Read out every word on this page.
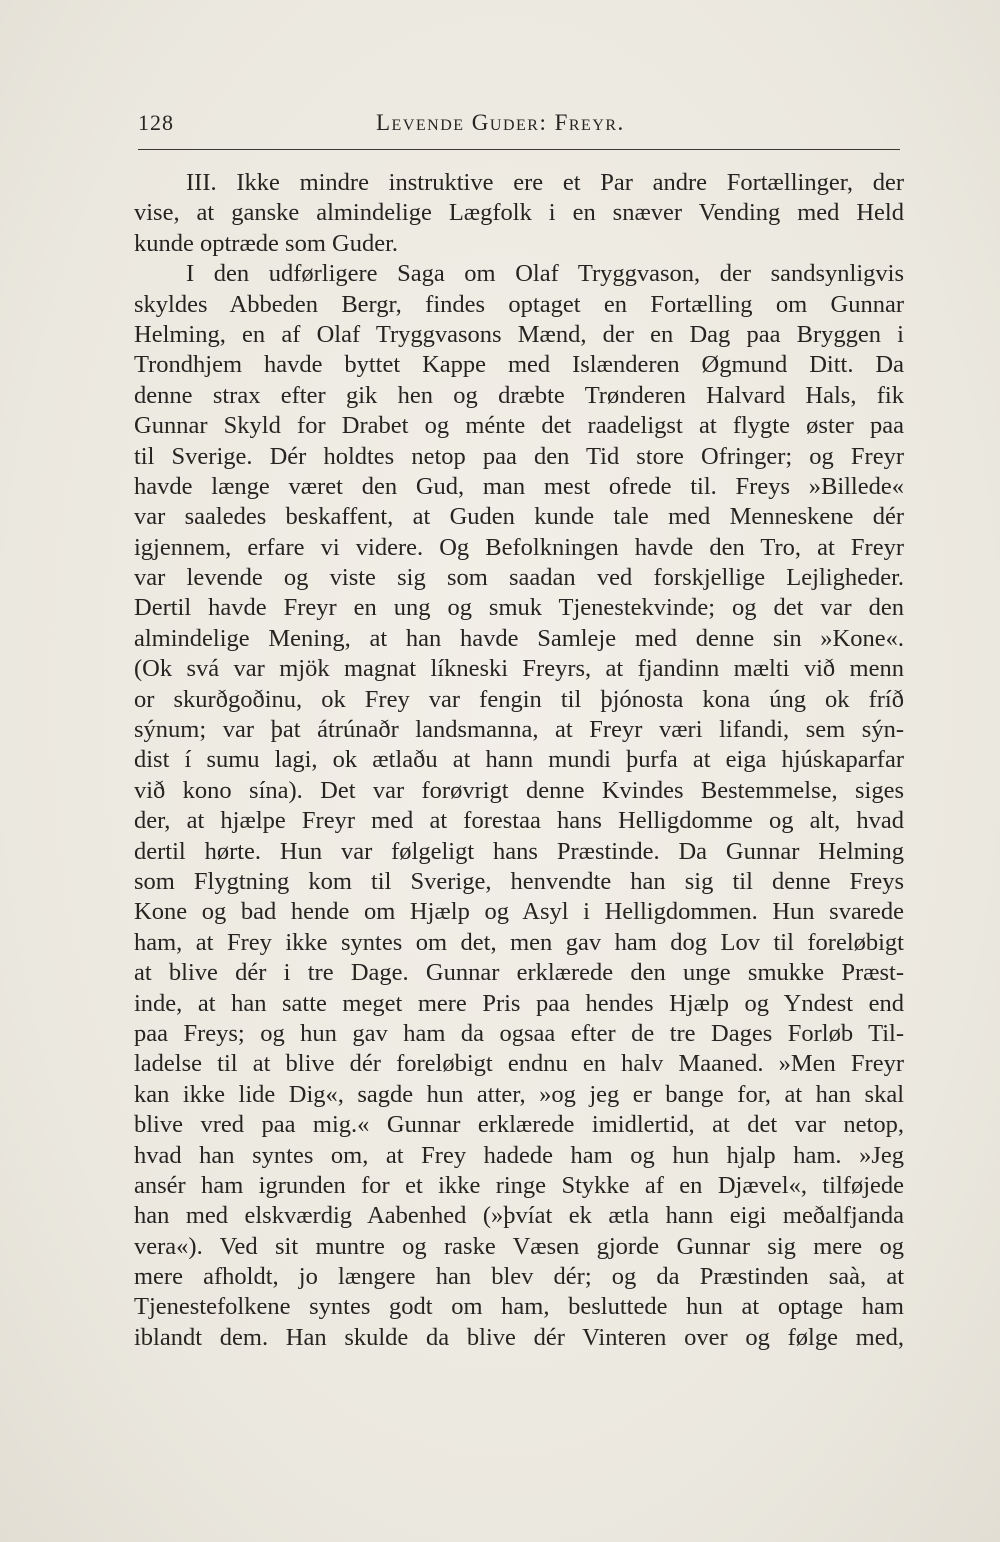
128	Levende Guder: Freyr.
III. Ikke mindre instruktive ere et Par andre Fortællinger, der
vise, at ganske almindelige Lægfolk i en snæver Vending med Held
kunde optræde som Guder.
I den udførligere Saga om Olaf Tryggvason, der sandsynligvis
skyldes Abbeden Bergr, findes optaget en Fortælling om Gunnar
Helming, en af Olaf Tryggvasons Mænd, der en Dag paa Bryggen i
Trondhjem havde byttet Kappe med Islænderen Øgmund Ditt. Da
denne strax efter gik hen og dræbte Trønderen Halvard Hals, fik
Gunnar Skyld for Drabet og ménte det raadeligst at flygte øster paa
til Sverige. Dér holdtes netop paa den Tid store Ofringer; og Freyr
havde længe været den Gud, man mest ofrede til. Freys »Billede«
var saaledes beskaffent, at Guden kunde tale med Menneskene dér
igjennem, erfare vi videre. Og Befolkningen havde den Tro, at Freyr
var levende og viste sig som saadan ved forskjellige Lejligheder.
Dertil havde Freyr en ung og smuk Tjenestekvinde; og det var den
almindelige Mening, at han havde Samleje med denne sin »Kone«.
(Ok svá var mjök magnat líkneski Freyrs, at fjandinn mælti við menn
or skurðgoðinu, ok Frey var fengin til þjónosta kona úng ok fríð
sýnum; var þat átrúnaðr landsmanna, at Freyr væri lifandi, sem sýn-
dist í sumu lagi, ok ætlaðu at hann mundi þurfa at eiga hjúskaparfar
við kono sína). Det var forøvrigt denne Kvindes Bestemmelse, siges
der, at hjælpe Freyr med at forestaa hans Helligdomme og alt, hvad
dertil hørte. Hun var følgeligt hans Præstinde. Da Gunnar Helming
som Flygtning kom til Sverige, henvendte han sig til denne Freys
Kone og bad hende om Hjælp og Asyl i Helligdommen. Hun svarede
ham, at Frey ikke syntes om det, men gav ham dog Lov til foreløbigt
at blive dér i tre Dage. Gunnar erklærede den unge smukke Præst-
inde, at han satte meget mere Pris paa hendes Hjælp og Yndest end
paa Freys; og hun gav ham da ogsaa efter de tre Dages Forløb Til-
ladelse til at blive dér foreløbigt endnu en halv Maaned. »Men Freyr
kan ikke lide Dig«, sagde hun atter, »og jeg er bange for, at han skal
blive vred paa mig.« Gunnar erklærede imidlertid, at det var netop,
hvad han syntes om, at Frey hadede ham og hun hjalp ham. »Jeg
ansér ham igrunden for et ikke ringe Stykke af en Djævel«, tilføjede
han med elskværdig Aabenhed (»þvíat ek ætla hann eigi meðalfjanda
vera«). Ved sit muntre og raske Væsen gjorde Gunnar sig mere og
mere afholdt, jo længere han blev dér; og da Præstinden saà, at
Tjenestefolkene syntes godt om ham, besluttede hun at optage ham
iblandt dem. Han skulde da blive dér Vinteren over og følge med,
